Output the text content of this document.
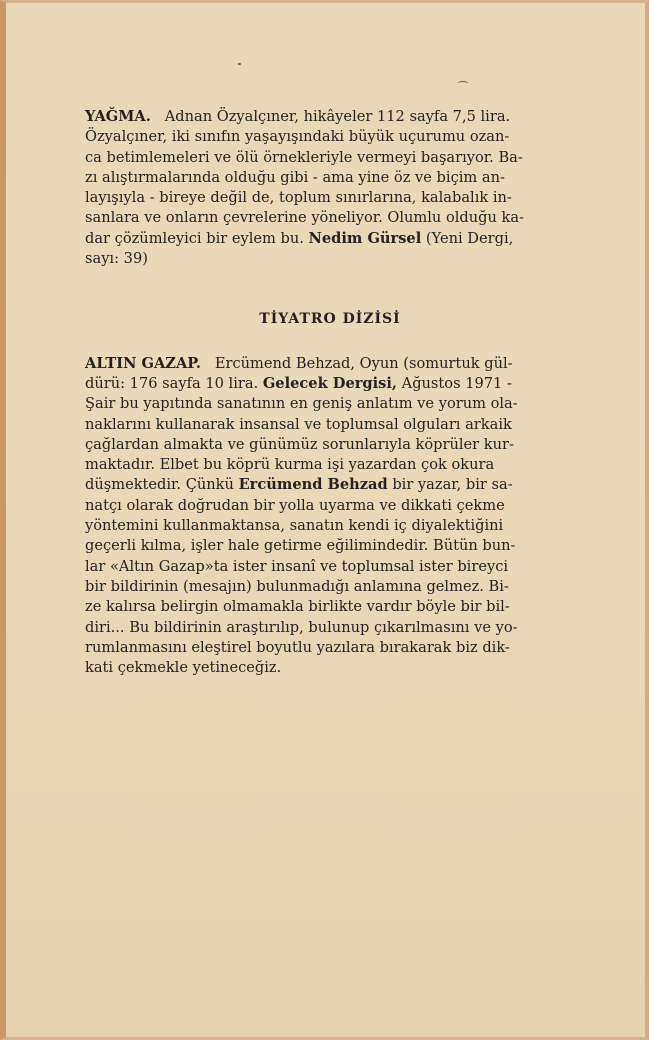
⁀
YAĞMA. Adnan Özyalçıner, hikâyeler 112 sayfa 7,5 lira.
Özyalçıner, iki sınıfın yaşayışındaki büyük uçurumu ozan-
ca betimlemeleri ve ölü örnekleriyle vermeyi başarıyor. Ba-
zı alıştırmalarında olduğu gibi - ama yine öz ve biçim an-
layışıyla - bireye değil de, toplum sınırlarına, kalabalık in-
sanlara ve onların çevrelerine yöneliyor. Olumlu olduğu ka-
dar çözümleyici bir eylem bu. Nedim Gürsel (Yeni Dergi,
sayı: 39)
TİYATRO DİZİSİ
ALTIN GAZAP. Ercümend Behzad, Oyun (somurtuk gül-
dürü: 176 sayfa 10 lira. Gelecek Dergisi, Ağustos 1971 -
Şair bu yapıtında sanatının en geniş anlatım ve yorum ola-
naklarını kullanarak insansal ve toplumsal olguları arkaik
çağlardan almakta ve günümüz sorunlarıyla köprüler kur-
maktadır. Elbet bu köprü kurma işi yazardan çok okura
düşmektedir. Çünkü Ercümend Behzad bir yazar, bir sa-
natçı olarak doğrudan bir yolla uyarma ve dikkati çekme
yöntemini kullanmaktansa, sanatın kendi iç diyalektiğini
geçerli kılma, işler hale getirme eğilimindedir. Bütün bun-
lar «Altın Gazap»ta ister insanî ve toplumsal ister bireyci
bir bildirinin (mesajın) bulunmadığı anlamına gelmez. Bi-
ze kalırsa belirgin olmamakla birlikte vardır böyle bir bil-
diri... Bu bildirinin araştırılıp, bulunup çıkarılmasını ve yo-
rumlanmasını eleştirel boyutlu yazılara bırakarak biz dik-
kati çekmekle yetineceğiz.
